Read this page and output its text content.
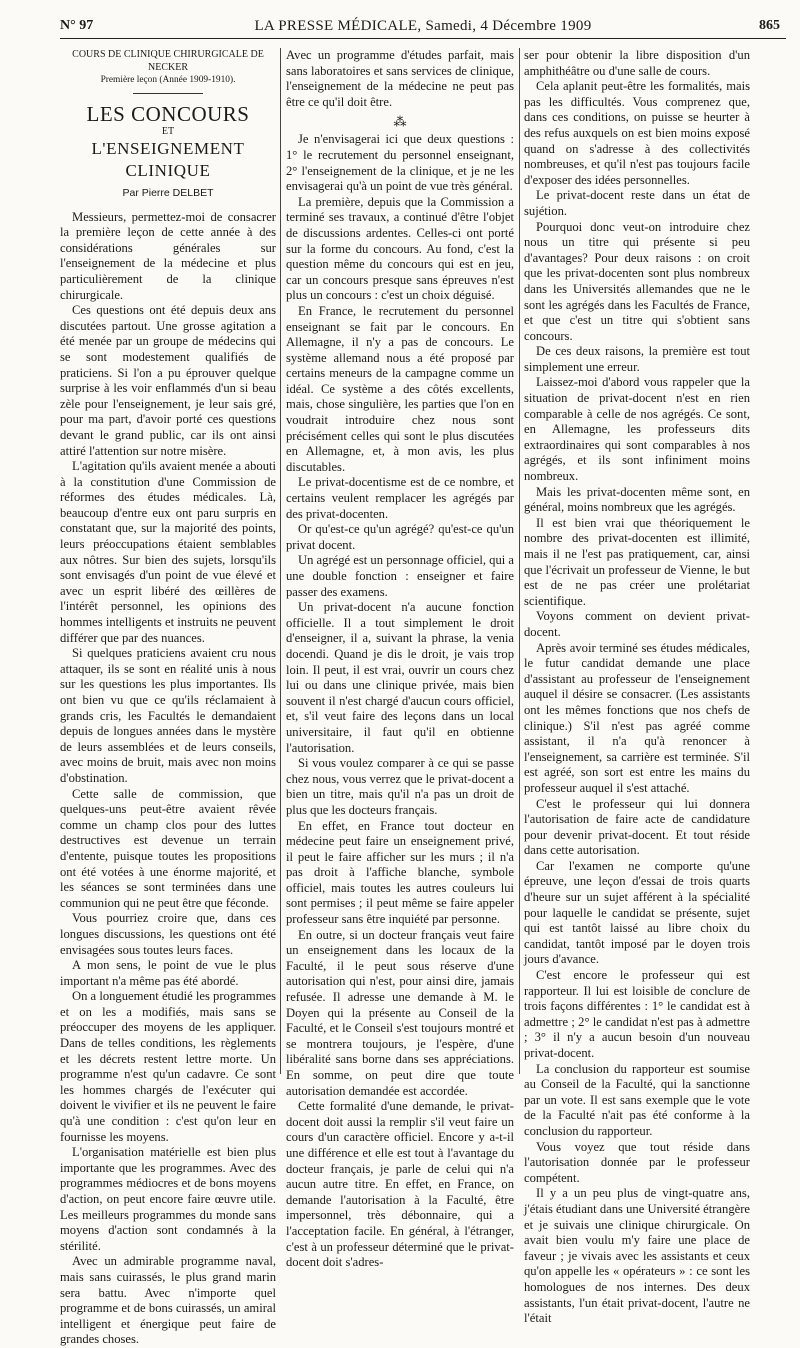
N° 97	LA PRESSE MÉDICALE, Samedi, 4 Décembre 1909	865

COURS DE CLINIQUE CHIRURGICALE DE NECKER

Première leçon (Année 1909-1910).

LES CONCOURS

ET

L'ENSEIGNEMENT CLINIQUE

Par Pierre DELBET

Messieurs, permettez-moi de consacrer la première leçon de cette année à des considérations générales sur l'enseignement de la médecine et plus particulièrement de la clinique chirurgicale.

Ces questions ont été depuis deux ans discutées partout. Une grosse agitation a été menée par un groupe de médecins qui se sont modestement qualifiés de praticiens. Si l'on a pu éprouver quelque surprise à les voir enflammés d'un si beau zèle pour l'enseignement, je leur sais gré, pour ma part, d'avoir porté ces questions devant le grand public, car ils ont ainsi attiré l'attention sur notre misère.

L'agitation qu'ils avaient menée a abouti à la constitution d'une Commission de réformes des études médicales. Là, beaucoup d'entre eux ont paru surpris en constatant que, sur la majorité des points, leurs préoccupations étaient semblables aux nôtres. Sur bien des sujets, lorsqu'ils sont envisagés d'un point de vue élevé et avec un esprit libéré des œillères de l'intérêt personnel, les opinions des hommes intelligents et instruits ne peuvent différer que par des nuances.

Si quelques praticiens avaient cru nous attaquer, ils se sont en réalité unis à nous sur les questions les plus importantes. Ils ont bien vu que ce qu'ils réclamaient à grands cris, les Facultés le demandaient depuis de longues années dans le mystère de leurs assemblées et de leurs conseils, avec moins de bruit, mais avec non moins d'obstination.

Cette salle de commission, que quelques-uns peut-être avaient rêvée comme un champ clos pour des luttes destructives est devenue un terrain d'entente, puisque toutes les propositions ont été votées à une énorme majorité, et les séances se sont terminées dans une communion qui ne peut être que féconde.

Vous pourriez croire que, dans ces longues discussions, les questions ont été envisagées sous toutes leurs faces.

A mon sens, le point de vue le plus important n'a même pas été abordé.

On a longuement étudié les programmes et on les a modifiés, mais sans se préoccuper des moyens de les appliquer. Dans de telles conditions, les règlements et les décrets restent lettre morte. Un programme n'est qu'un cadavre. Ce sont les hommes chargés de l'exécuter qui doivent le vivifier et ils ne peuvent le faire qu'à une condition : c'est qu'on leur en fournisse les moyens.

L'organisation matérielle est bien plus importante que les programmes. Avec des programmes médiocres et de bons moyens d'action, on peut encore faire œuvre utile. Les meilleurs programmes du monde sans moyens d'action sont condamnés à la stérilité.

Avec un admirable programme naval, mais sans cuirassés, le plus grand marin sera battu. Avec n'importe quel programme et de bons cuirassés, un amiral intelligent et énergique peut faire de grandes choses.

Avec un programme d'études parfait, mais sans laboratoires et sans services de clinique, l'enseignement de la médecine ne peut pas être ce qu'il doit être.

⁂

Je n'envisagerai ici que deux questions : 1° le recrutement du personnel enseignant, 2° l'enseignement de la clinique, et je ne les envisagerai qu'à un point de vue très général.

La première, depuis que la Commission a terminé ses travaux, a continué d'être l'objet de discussions ardentes. Celles-ci ont porté sur la forme du concours. Au fond, c'est la question même du concours qui est en jeu, car un concours presque sans épreuves n'est plus un concours : c'est un choix déguisé.

En France, le recrutement du personnel enseignant se fait par le concours. En Allemagne, il n'y a pas de concours. Le système allemand nous a été proposé par certains meneurs de la campagne comme un idéal. Ce système a des côtés excellents, mais, chose singulière, les parties que l'on en voudrait introduire chez nous sont précisément celles qui sont le plus discutées en Allemagne, et, à mon avis, les plus discutables.

Le privat-docentisme est de ce nombre, et certains veulent remplacer les agrégés par des privat-docenten.

Or qu'est-ce qu'un agrégé? qu'est-ce qu'un privat docent.

Un agrégé est un personnage officiel, qui a une double fonction : enseigner et faire passer des examens.

Un privat-docent n'a aucune fonction officielle. Il a tout simplement le droit d'enseigner, il a, suivant la phrase, la venia docendi. Quand je dis le droit, je vais trop loin. Il peut, il est vrai, ouvrir un cours chez lui ou dans une clinique privée, mais bien souvent il n'est chargé d'aucun cours officiel, et, s'il veut faire des leçons dans un local universitaire, il faut qu'il en obtienne l'autorisation.

Si vous voulez comparer à ce qui se passe chez nous, vous verrez que le privat-docent a bien un titre, mais qu'il n'a pas un droit de plus que les docteurs français.

En effet, en France tout docteur en médecine peut faire un enseignement privé, il peut le faire afficher sur les murs ; il n'a pas droit à l'affiche blanche, symbole officiel, mais toutes les autres couleurs lui sont permises ; il peut même se faire appeler professeur sans être inquiété par personne.

En outre, si un docteur français veut faire un enseignement dans les locaux de la Faculté, il le peut sous réserve d'une autorisation qui n'est, pour ainsi dire, jamais refusée. Il adresse une demande à M. le Doyen qui la présente au Conseil de la Faculté, et le Conseil s'est toujours montré et se montrera toujours, je l'espère, d'une libéralité sans borne dans ses appréciations. En somme, on peut dire que toute autorisation demandée est accordée.

Cette formalité d'une demande, le privat-docent doit aussi la remplir s'il veut faire un cours d'un caractère officiel. Encore y a-t-il une différence et elle est tout à l'avantage du docteur français, je parle de celui qui n'a aucun autre titre. En effet, en France, on demande l'autorisation à la Faculté, être impersonnel, très débonnaire, qui a l'acceptation facile. En général, à l'étranger, c'est à un professeur déterminé que le privat-docent doit s'adres-

ser pour obtenir la libre disposition d'un amphithéâtre ou d'une salle de cours.

Cela aplanit peut-être les formalités, mais pas les difficultés. Vous comprenez que, dans ces conditions, on puisse se heurter à des refus auxquels on est bien moins exposé quand on s'adresse à des collectivités nombreuses, et qu'il n'est pas toujours facile d'exposer des idées personnelles.

Le privat-docent reste dans un état de sujétion.

Pourquoi donc veut-on introduire chez nous un titre qui présente si peu d'avantages? Pour deux raisons : on croit que les privat-docenten sont plus nombreux dans les Universités allemandes que ne le sont les agrégés dans les Facultés de France, et que c'est un titre qui s'obtient sans concours.

De ces deux raisons, la première est tout simplement une erreur.

Laissez-moi d'abord vous rappeler que la situation de privat-docent n'est en rien comparable à celle de nos agrégés. Ce sont, en Allemagne, les professeurs dits extraordinaires qui sont comparables à nos agrégés, et ils sont infiniment moins nombreux.

Mais les privat-docenten même sont, en général, moins nombreux que les agrégés.

Il est bien vrai que théoriquement le nombre des privat-docenten est illimité, mais il ne l'est pas pratiquement, car, ainsi que l'écrivait un professeur de Vienne, le but est de ne pas créer une prolétariat scientifique.

Voyons comment on devient privat-docent.

Après avoir terminé ses études médicales, le futur candidat demande une place d'assistant au professeur de l'enseignement auquel il désire se consacrer. (Les assistants ont les mêmes fonctions que nos chefs de clinique.) S'il n'est pas agréé comme assistant, il n'a qu'à renoncer à l'enseignement, sa carrière est terminée. S'il est agréé, son sort est entre les mains du professeur auquel il s'est attaché.

C'est le professeur qui lui donnera l'autorisation de faire acte de candidature pour devenir privat-docent. Et tout réside dans cette autorisation.

Car l'examen ne comporte qu'une épreuve, une leçon d'essai de trois quarts d'heure sur un sujet afférent à la spécialité pour laquelle le candidat se présente, sujet qui est tantôt laissé au libre choix du candidat, tantôt imposé par le doyen trois jours d'avance.

C'est encore le professeur qui est rapporteur. Il lui est loisible de conclure de trois façons différentes : 1° le candidat est à admettre ; 2° le candidat n'est pas à admettre ; 3° il n'y a aucun besoin d'un nouveau privat-docent.

La conclusion du rapporteur est soumise au Conseil de la Faculté, qui la sanctionne par un vote. Il est sans exemple que le vote de la Faculté n'ait pas été conforme à la conclusion du rapporteur.

Vous voyez que tout réside dans l'autorisation donnée par le professeur compétent.

Il y a un peu plus de vingt-quatre ans, j'étais étudiant dans une Université étrangère et je suivais une clinique chirurgicale. On avait bien voulu m'y faire une place de faveur ; je vivais avec les assistants et ceux qu'on appelle les « opérateurs » : ce sont les homologues de nos internes. Des deux assistants, l'un était privat-docent, l'autre ne l'était
